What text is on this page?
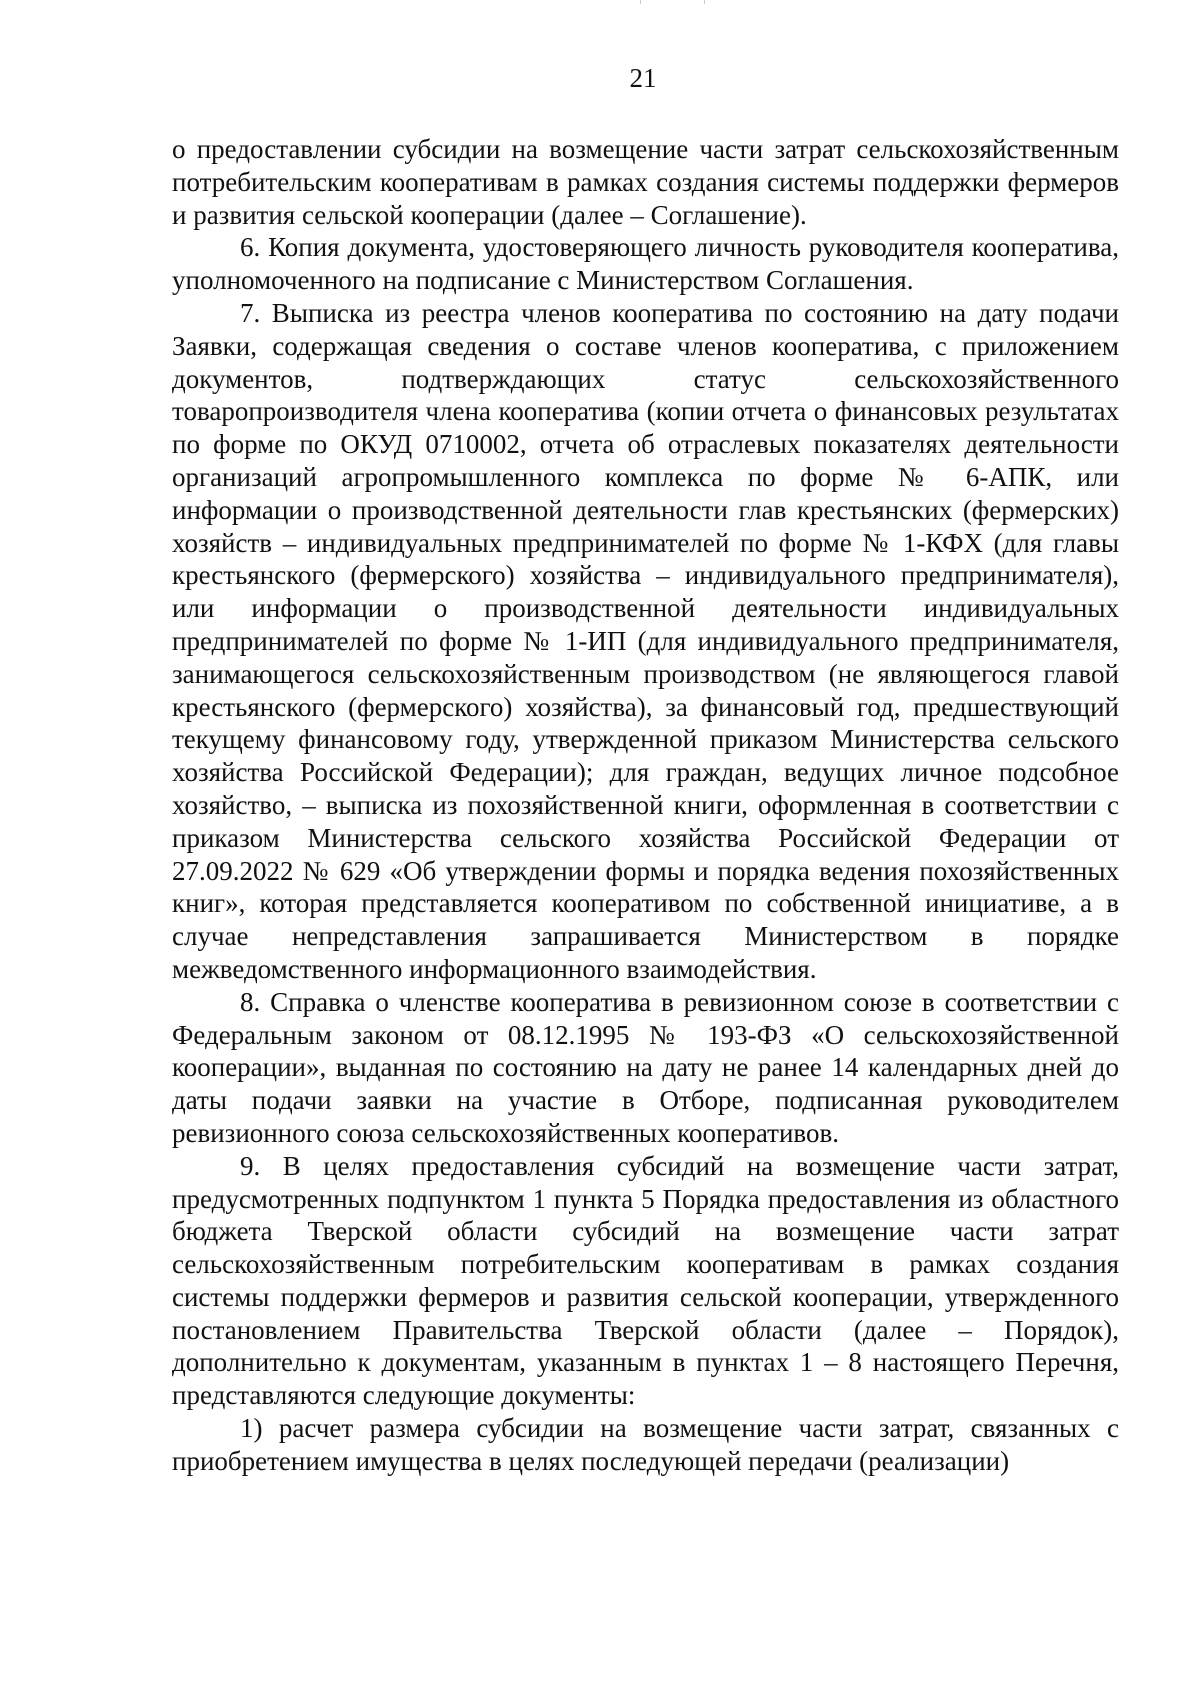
21

о предоставлении субсидии на возмещение части затрат сельскохозяйственным потребительским кооперативам в рамках создания системы поддержки фермеров и развития сельской кооперации (далее – Соглашение).

6. Копия документа, удостоверяющего личность руководителя кооператива, уполномоченного на подписание с Министерством Соглашения.

7. Выписка из реестра членов кооператива по состоянию на дату подачи Заявки, содержащая сведения о составе членов кооператива, с приложением документов, подтверждающих статус сельскохозяйственного товаропроизводителя члена кооператива (копии отчета о финансовых результатах по форме по ОКУД 0710002, отчета об отраслевых показателях деятельности организаций агропромышленного комплекса по форме № 6-АПК, или информации о производственной деятельности глав крестьянских (фермерских) хозяйств – индивидуальных предпринимателей по форме № 1-КФХ (для главы крестьянского (фермерского) хозяйства – индивидуального предпринимателя), или информации о производственной деятельности индивидуальных предпринимателей по форме № 1-ИП (для индивидуального предпринимателя, занимающегося сельскохозяйственным производством (не являющегося главой крестьянского (фермерского) хозяйства), за финансовый год, предшествующий текущему финансовому году, утвержденной приказом Министерства сельского хозяйства Российской Федерации); для граждан, ведущих личное подсобное хозяйство, – выписка из похозяйственной книги, оформленная в соответствии с приказом Министерства сельского хозяйства Российской Федерации от 27.09.2022 № 629 «Об утверждении формы и порядка ведения похозяйственных книг», которая представляется кооперативом по собственной инициативе, а в случае непредставления запрашивается Министерством в порядке межведомственного информационного взаимодействия.

8. Справка о членстве кооператива в ревизионном союзе в соответствии с Федеральным законом от 08.12.1995 № 193-ФЗ «О сельскохозяйственной кооперации», выданная по состоянию на дату не ранее 14 календарных дней до даты подачи заявки на участие в Отборе, подписанная руководителем ревизионного союза сельскохозяйственных кооперативов.

9. В целях предоставления субсидий на возмещение части затрат, предусмотренных подпунктом 1 пункта 5 Порядка предоставления из областного бюджета Тверской области субсидий на возмещение части затрат сельскохозяйственным потребительским кооперативам в рамках создания системы поддержки фермеров и развития сельской кооперации, утвержденного постановлением Правительства Тверской области (далее – Порядок), дополнительно к документам, указанным в пунктах 1 – 8 настоящего Перечня, представляются следующие документы:

1) расчет размера субсидии на возмещение части затрат, связанных с приобретением имущества в целях последующей передачи (реализации)
